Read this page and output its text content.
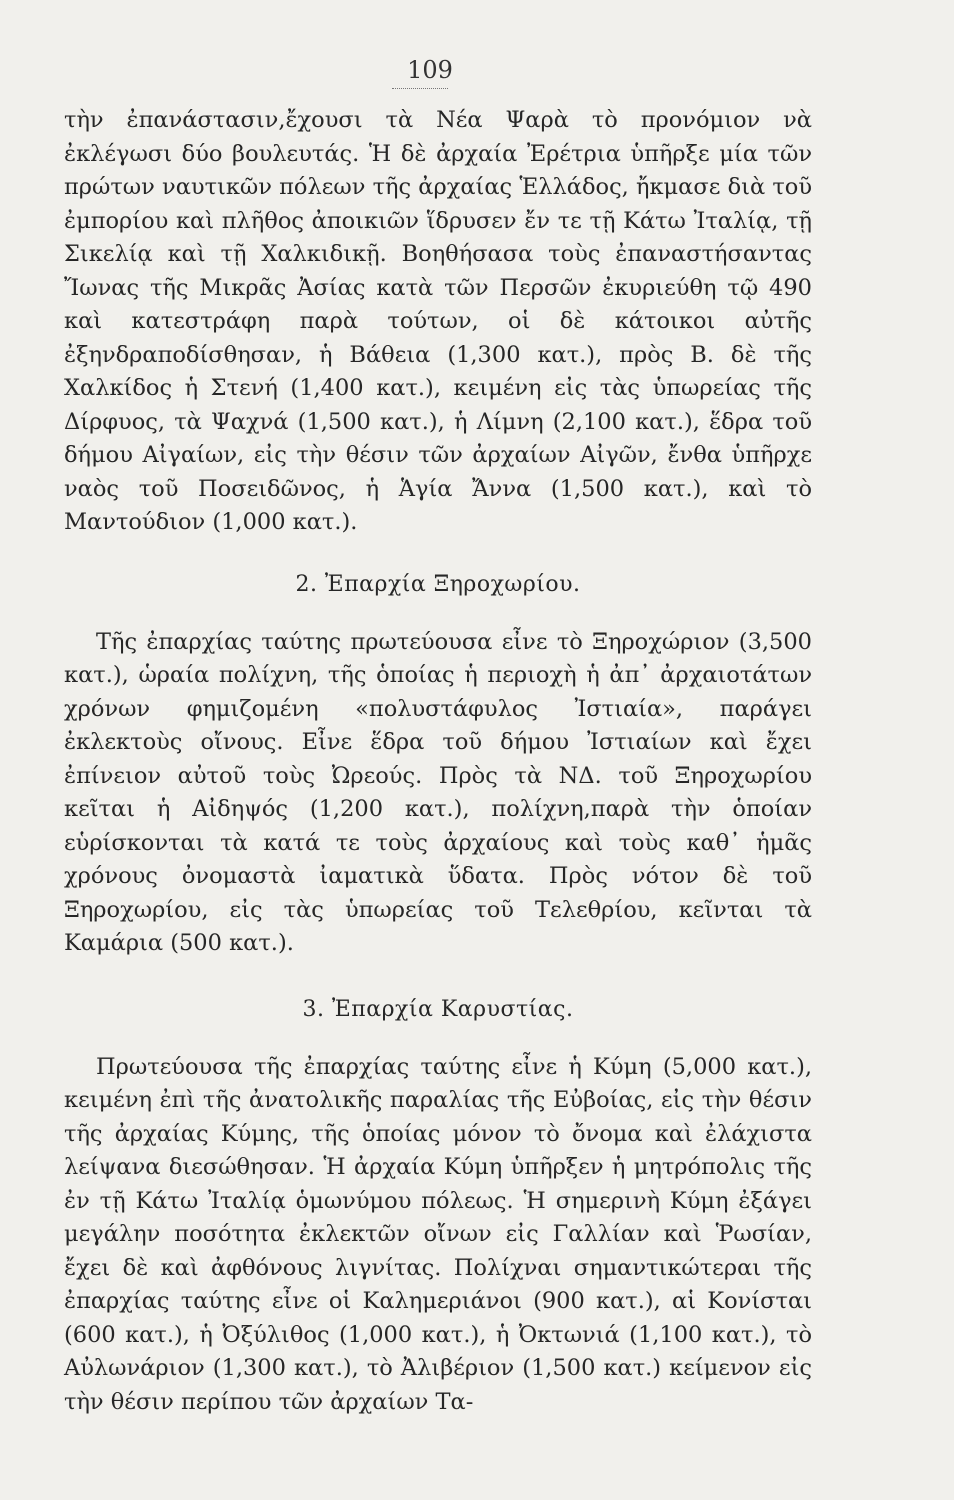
109

τὴν ἐπανάστασιν,ἔχουσι τὰ Νέα Ψαρὰ τὸ προνόμιον νὰ ἐκλέγωσι δύο βουλευτάς. Ἡ δὲ ἀρχαία Ἐρέτρια ὑπῆρξε μία τῶν πρώτων ναυτικῶν πόλεων τῆς ἀρχαίας Ἑλλάδος, ἤκμασε διὰ τοῦ ἐμπορίου καὶ πλῆθος ἀποικιῶν ἵδρυσεν ἔν τε τῇ Κάτω Ἰταλίᾳ, τῇ Σικελίᾳ καὶ τῇ Χαλκιδικῇ. Βοηθήσασα τοὺς ἐπαναστήσαντας Ἴωνας τῆς Μικρᾶς Ἀσίας κατὰ τῶν Περσῶν ἐκυριεύθη τῷ 490 καὶ κατεστράφη παρὰ τούτων, οἱ δὲ κάτοικοι αὐτῆς ἐξηνδραποδίσθησαν, ἡ Βάθεια (1,300 κατ.), πρὸς Β. δὲ τῆς Χαλκίδος ἡ Στενή (1,400 κατ.), κειμένη εἰς τὰς ὑπωρείας τῆς Δίρφυος, τὰ Ψαχνά (1,500 κατ.), ἡ Λίμνη (2,100 κατ.), ἕδρα τοῦ δήμου Αἰγαίων, εἰς τὴν θέσιν τῶν ἀρχαίων Αἰγῶν, ἔνθα ὑπῆρχε ναὸς τοῦ Ποσειδῶνος, ἡ Ἁγία Ἄννα (1,500 κατ.), καὶ τὸ Μαντούδιον (1,000 κατ.).

2. Ἐπαρχία Ξηροχωρίου.

Τῆς ἐπαρχίας ταύτης πρωτεύουσα εἶνε τὸ Ξηροχώριον (3,500 κατ.), ὡραία πολίχνη, τῆς ὁποίας ἡ περιοχὴ ἡ ἀπ᾽ ἀρχαιοτάτων χρόνων φημιζομένη «πολυστάφυλος Ἰστιαία», παράγει ἐκλεκτοὺς οἴνους. Εἶνε ἕδρα τοῦ δήμου Ἰστιαίων καὶ ἔχει ἐπίνειον αὐτοῦ τοὺς Ὠρεούς. Πρὸς τὰ ΝΔ. τοῦ Ξηροχωρίου κεῖται ἡ Αἰδηψός (1,200 κατ.), πολίχνη,παρὰ τὴν ὁποίαν εὑρίσκονται τὰ κατά τε τοὺς ἀρχαίους καὶ τοὺς καθ᾽ ἡμᾶς χρόνους ὀνομαστὰ ἰαματικὰ ὕδατα. Πρὸς νότον δὲ τοῦ Ξηροχωρίου, εἰς τὰς ὑπωρείας τοῦ Τελεθρίου, κεῖνται τὰ Καμάρια (500 κατ.).

3. Ἐπαρχία Καρυστίας.

Πρωτεύουσα τῆς ἐπαρχίας ταύτης εἶνε ἡ Κύμη (5,000 κατ.), κειμένη ἐπὶ τῆς ἀνατολικῆς παραλίας τῆς Εὐβοίας, εἰς τὴν θέσιν τῆς ἀρχαίας Κύμης, τῆς ὁποίας μόνον τὸ ὄνομα καὶ ἐλάχιστα λείψανα διεσώθησαν. Ἡ ἀρχαία Κύμη ὑπῆρξεν ἡ μητρόπολις τῆς ἐν τῇ Κάτω Ἰταλίᾳ ὁμωνύμου πόλεως. Ἡ σημερινὴ Κύμη ἐξάγει μεγάλην ποσότητα ἐκλεκτῶν οἴνων εἰς Γαλλίαν καὶ Ῥωσίαν, ἔχει δὲ καὶ ἀφθόνους λιγνίτας. Πολίχναι σημαντικώτεραι τῆς ἐπαρχίας ταύτης εἶνε οἱ Καλημεριάνοι (900 κατ.), αἱ Κονίσται (600 κατ.), ἡ Ὀξύλιθος (1,000 κατ.), ἡ Ὀκτωνιά (1,100 κατ.), τὸ Αὐλωνάριον (1,300 κατ.), τὸ Ἀλιβέριον (1,500 κατ.) κείμενον εἰς τὴν θέσιν περίπου τῶν ἀρχαίων Τα-
